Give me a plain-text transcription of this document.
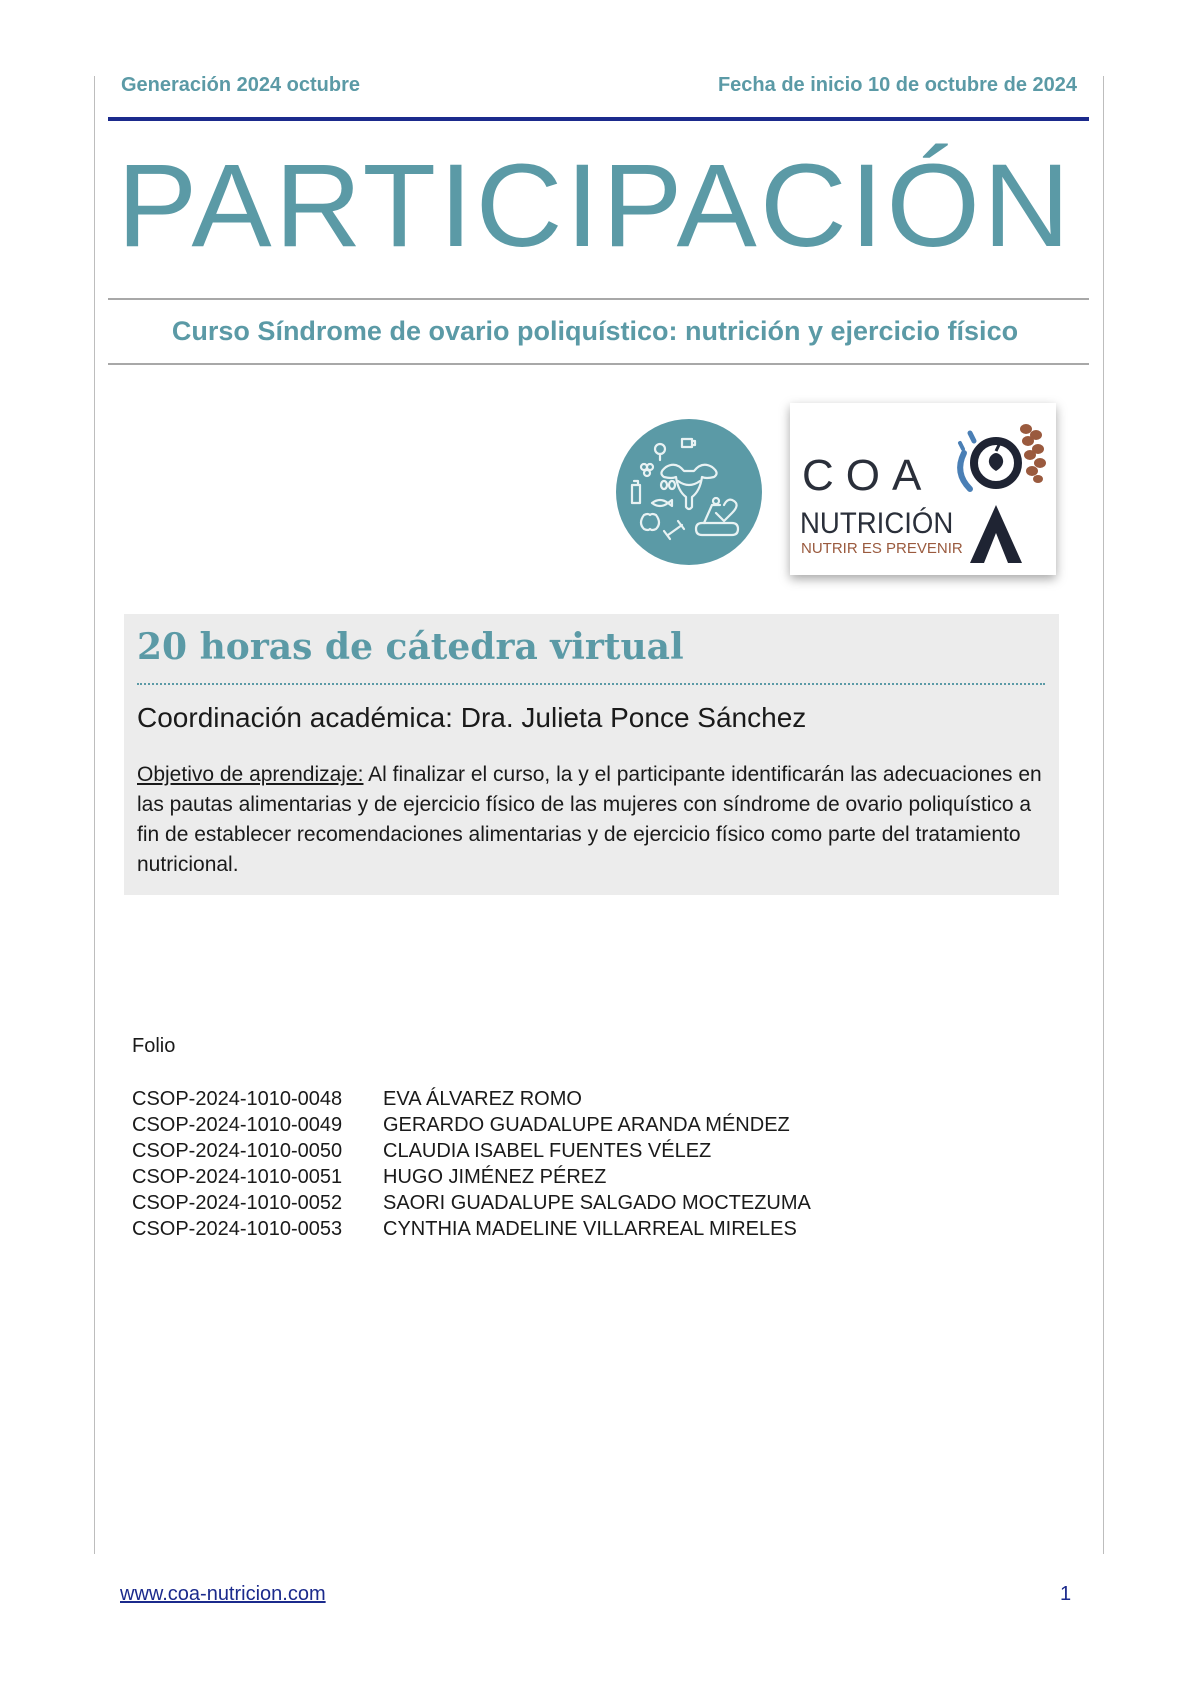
Generación 2024 octubre	Fecha de inicio 10 de octubre de 2024
PARTICIPACIÓN
Curso Síndrome de ovario poliquístico: nutrición y ejercicio físico
COA
NUTRICIÓN
NUTRIR ES PREVENIR
20 horas de cátedra virtual
Coordinación académica: Dra. Julieta Ponce Sánchez
Objetivo de aprendizaje: Al finalizar el curso, la y el participante identificarán las adecuaciones en las pautas alimentarias y de ejercicio físico de las mujeres con síndrome de ovario poliquístico a fin de establecer recomendaciones alimentarias y de ejercicio físico como parte del tratamiento nutricional.
Folio
CSOP-2024-1010-0048	EVA ÁLVAREZ ROMO
CSOP-2024-1010-0049	GERARDO GUADALUPE ARANDA MÉNDEZ
CSOP-2024-1010-0050	CLAUDIA ISABEL FUENTES VÉLEZ
CSOP-2024-1010-0051	HUGO JIMÉNEZ PÉREZ
CSOP-2024-1010-0052	SAORI GUADALUPE SALGADO MOCTEZUMA
CSOP-2024-1010-0053	CYNTHIA MADELINE VILLARREAL MIRELES
www.coa-nutricion.com	1
